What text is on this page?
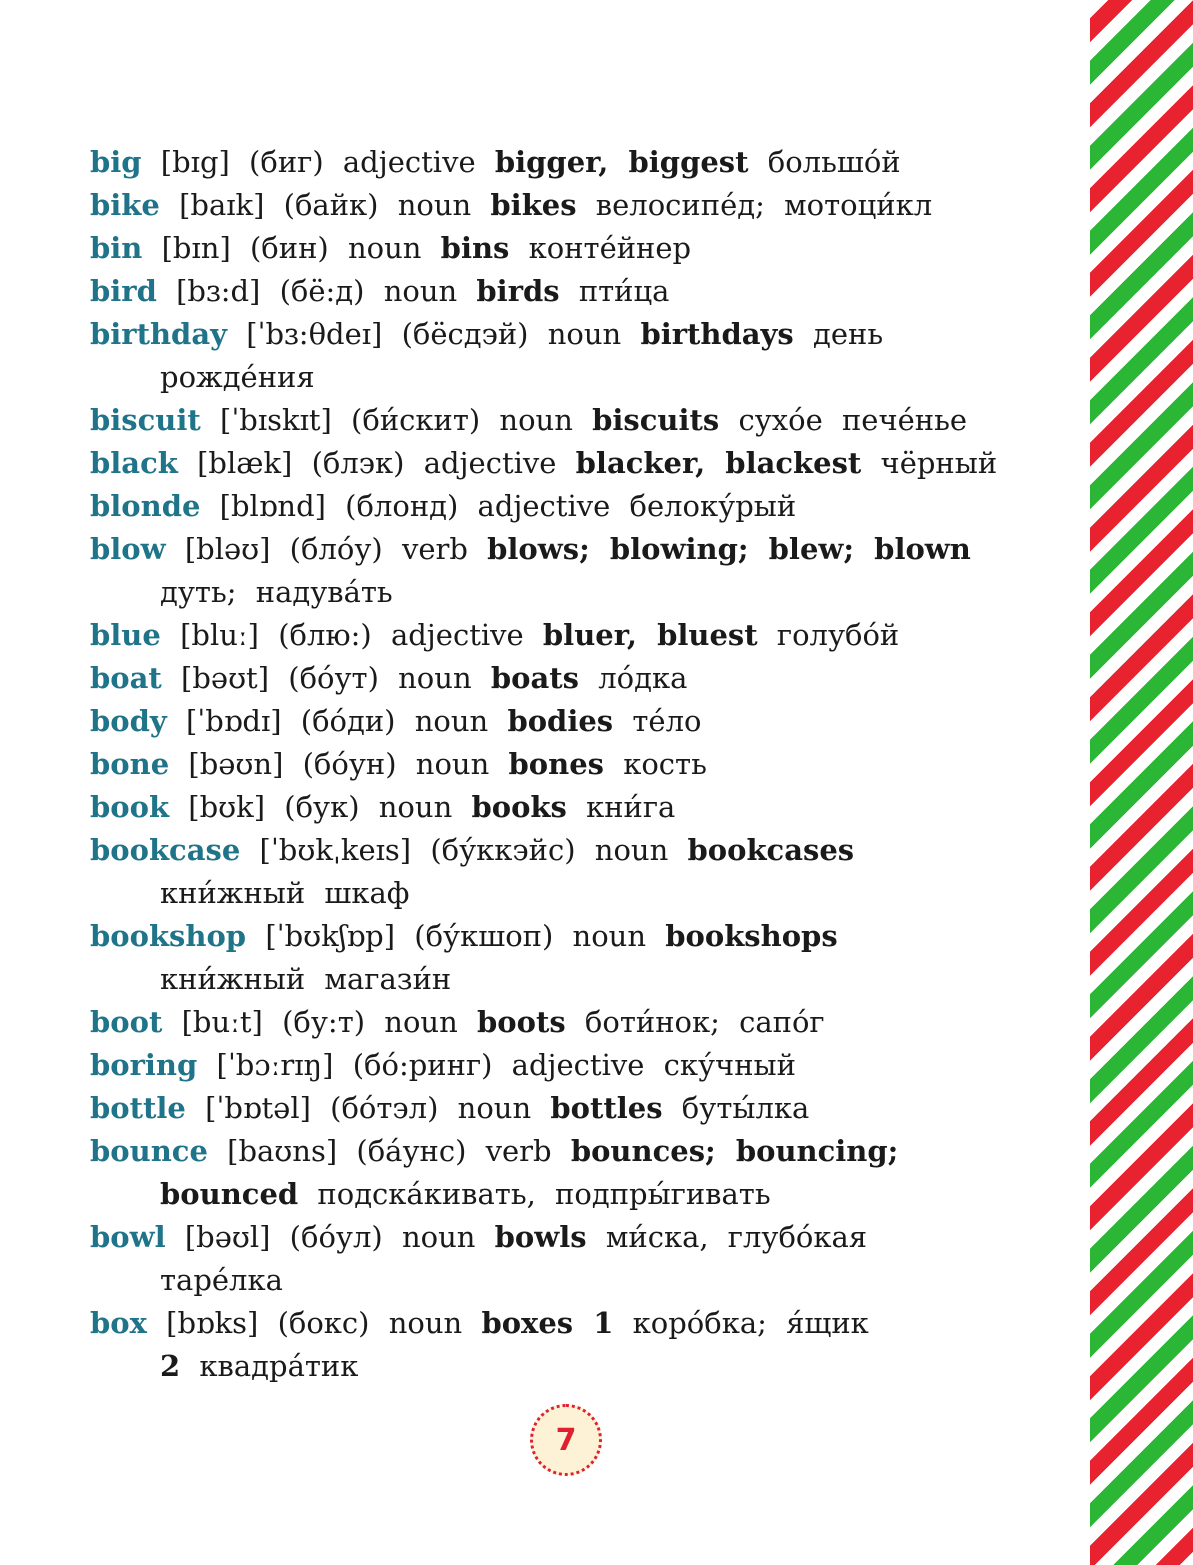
big [bɪg] (биг) adjective bigger, biggest большо́й

bike [baɪk] (байк) noun bikes велосипе́д; мотоци́кл

bin [bɪn] (бин) noun bins конте́йнер

bird [bɜ:d] (бё:д) noun birds пти́ца

birthday [ˈbɜ:θdeɪ] (бёсдэй) noun birthdays день
рожде́ния

biscuit [ˈbɪskɪt] (би́скит) noun biscuits сухо́е пече́нье

black [blæk] (блэк) adjective blacker, blackest чёрный

blonde [blɒnd] (блонд) adjective белоку́рый

blow [bləʊ] (бло́у) verb blows; blowing; blew; blown
дуть; надува́ть

blue [bluː] (блю:) adjective bluer, bluest голубо́й

boat [bəʊt] (бо́ут) noun boats ло́дка

body [ˈbɒdɪ] (бо́ди) noun bodies те́ло

bone [bəʊn] (бо́ун) noun bones кость

book [bʊk] (бук) noun books кни́га

bookcase [ˈbʊkˌkeɪs] (бу́ккэйс) noun bookcases
кни́жный шкаф

bookshop [ˈbʊkʃɒp] (бу́кшоп) noun bookshops
кни́жный магази́н

boot [buːt] (бу:т) noun boots боти́нок; сапо́г

boring [ˈbɔːrɪŋ] (бо́:ринг) adjective ску́чный

bottle [ˈbɒtəl] (бо́тэл) noun bottles буты́лка

bounce [baʊns] (ба́унс) verb bounces; bouncing;
bounced подска́кивать, подпры́гивать

bowl [bəʊl] (бо́ул) noun bowls ми́ска, глубо́кая
таре́лка

box [bɒks] (бокс) noun boxes 1 коро́бка; я́щик
2 квадра́тик

7
